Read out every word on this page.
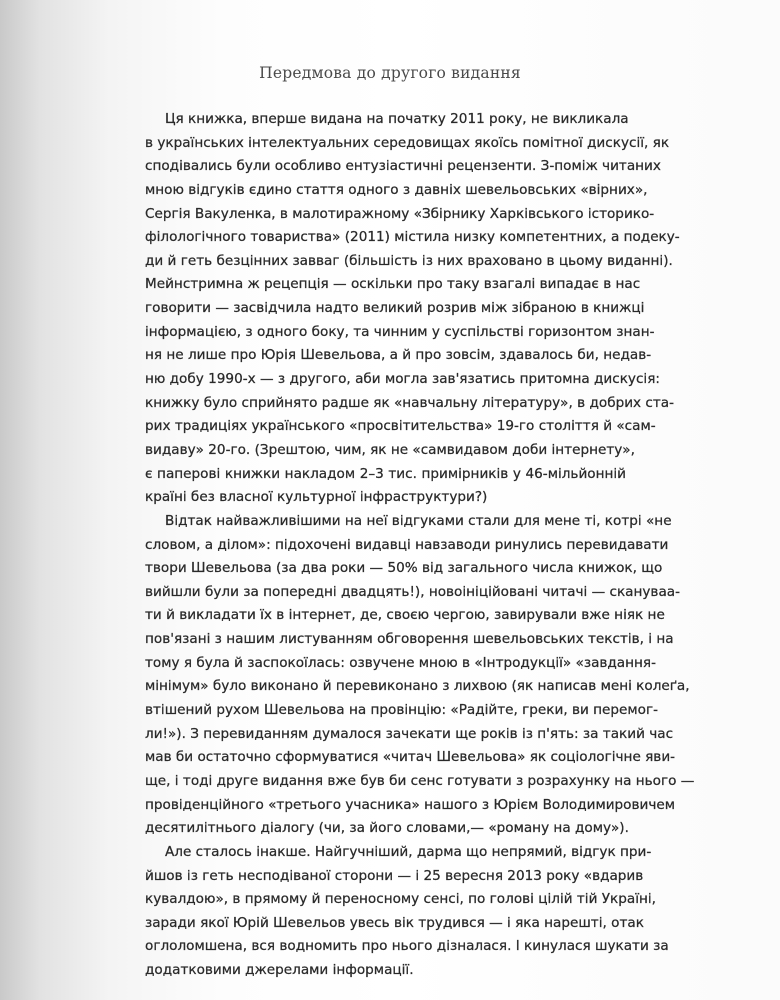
Передмова до другого видання
Ця книжка, вперше видана на початку 2011 року, не викликала
в українських інтелектуальних середовищах якоїсь помітної дискусії, як
сподівались були особливо ентузіастичні рецензенти. З-поміж читаних
мною відгуків єдино стаття одного з давніх шевельовських «вірних»,
Сергія Вакуленка, в малотиражному «Збірнику Харківського історико-
філологічного товариства» (2011) містила низку компетентних, а подеку-
ди й геть безцінних завваг (більшість із них враховано в цьому виданні).
Мейнстримна ж рецепція — оскільки про таку взагалі випадає в нас
говорити — засвідчила надто великий розрив між зібраною в книжці
інформацією, з одного боку, та чинним у суспільстві горизонтом знан-
ня не лише про Юрія Шевельова, а й про зовсім, здавалось би, недав-
ню добу 1990-х — з другого, аби могла зав'язатись притомна дискусія:
книжку було сприйнято радше як «навчальну літературу», в добрих ста-
рих традиціях українського «просвітительства» 19-го століття й «сам-
видаву» 20-го. (Зрештою, чим, як не «самвидавом доби інтернету»,
є паперові книжки накладом 2–3 тис. примірників у 46-мільйонній
країні без власної культурної інфраструктури?)
Відтак найважливішими на неї відгуками стали для мене ті, котрі «не
словом, а ділом»: підохочені видавці навзаводи ринулись перевидавати
твори Шевельова (за два роки — 50% від загального числа книжок, що
вийшли були за попередні двадцять!), новоініційовані читачі — скануваа-
ти й викладати їх в інтернет, де, своєю чергою, завирували вже ніяк не
пов'язані з нашим листуванням обговорення шевельовських текстів, і на
тому я була й заспокоїлась: озвучене мною в «Інтродукції» «завдання-
мінімум» було виконано й перевиконано з лихвою (як написав мені колеґа,
втішений рухом Шевельова на провінцію: «Радійте, греки, ви перемог-
ли!»). З перевиданням думалося зачекати ще років із п'ять: за такий час
мав би остаточно сформуватися «читач Шевельова» як соціологічне яви-
ще, і тоді друге видання вже був би сенс готувати з розрахунку на нього —
провіденційного «третього учасника» нашого з Юрієм Володимировичем
десятилітнього діалогу (чи, за його словами,— «роману на дому»).
Але сталось інакше. Найгучніший, дарма що непрямий, відгук при-
йшов із геть несподіваної сторони — і 25 вересня 2013 року «вдарив
кувалдою», в прямому й переносному сенсі, по голові цілій тій Україні,
заради якої Юрій Шевельов увесь вік трудився — і яка нарешті, отак
оглоломшена, вся водномить про нього дізналася. І кинулася шукати за
додатковими джерелами інформації.
